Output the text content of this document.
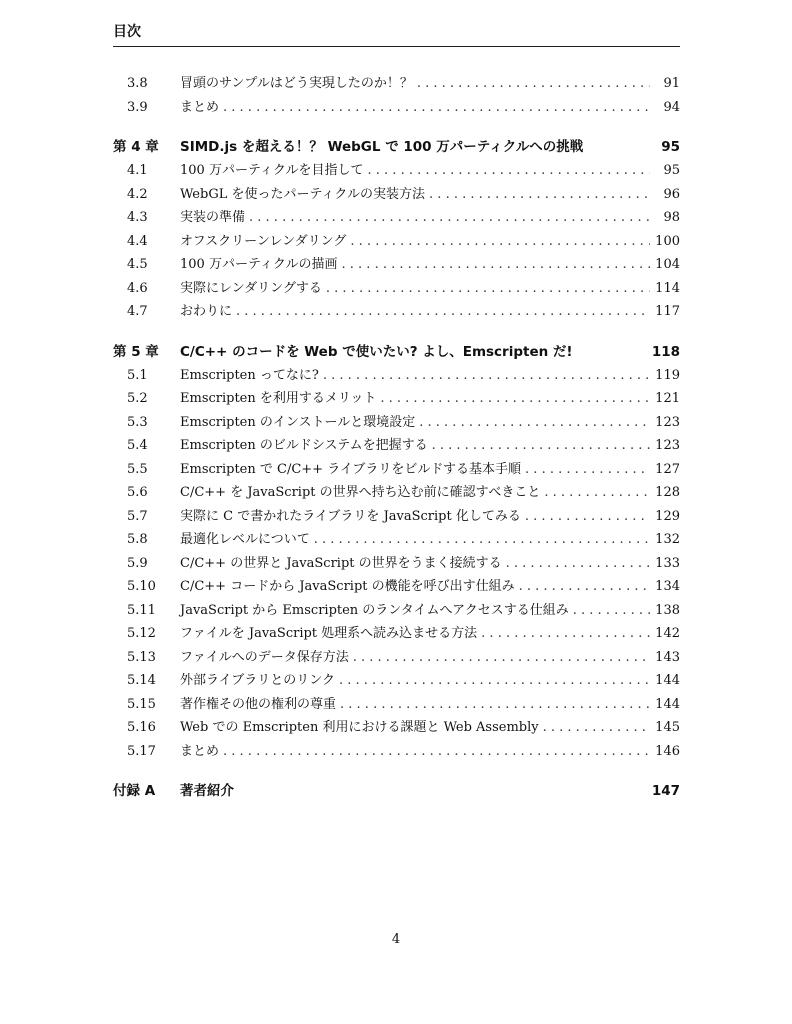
目次
3.8	冒頭のサンプルはどう実現したのか！？ . . .	91
3.9	まとめ . . .	94
第 4 章	SIMD.js を超える！？ WebGL で 100 万パーティクルへの挑戦	95
4.1	100 万パーティクルを目指して . . .	95
4.2	WebGL を使ったパーティクルの実装方法 . . .	96
4.3	実装の準備 . . .	98
4.4	オフスクリーンレンダリング . . .	100
4.5	100 万パーティクルの描画 . . .	104
4.6	実際にレンダリングする . . .	114
4.7	おわりに . . .	117
第 5 章	C/C++ のコードを Web で使いたい? よし、Emscripten だ!	118
5.1	Emscripten ってなに? . . .	119
5.2	Emscripten を利用するメリット . . .	121
5.3	Emscripten のインストールと環境設定 . . .	123
5.4	Emscripten のビルドシステムを把握する . . .	123
5.5	Emscripten で C/C++ ライブラリをビルドする基本手順 . . .	127
5.6	C/C++ を JavaScript の世界へ持ち込む前に確認すべきこと . . .	128
5.7	実際に C で書かれたライブラリを JavaScript 化してみる . . .	129
5.8	最適化レベルについて . . .	132
5.9	C/C++ の世界と JavaScript の世界をうまく接続する . . .	133
5.10	C/C++ コードから JavaScript の機能を呼び出す仕組み . . .	134
5.11	JavaScript から Emscripten のランタイムへアクセスする仕組み . . .	138
5.12	ファイルを JavaScript 処理系へ読み込ませる方法 . . .	142
5.13	ファイルへのデータ保存方法 . . .	143
5.14	外部ライブラリとのリンク . . .	144
5.15	著作権その他の権利の尊重 . . .	144
5.16	Web での Emscripten 利用における課題と Web Assembly . . .	145
5.17	まとめ . . .	146
付録 A	著者紹介	147
4
